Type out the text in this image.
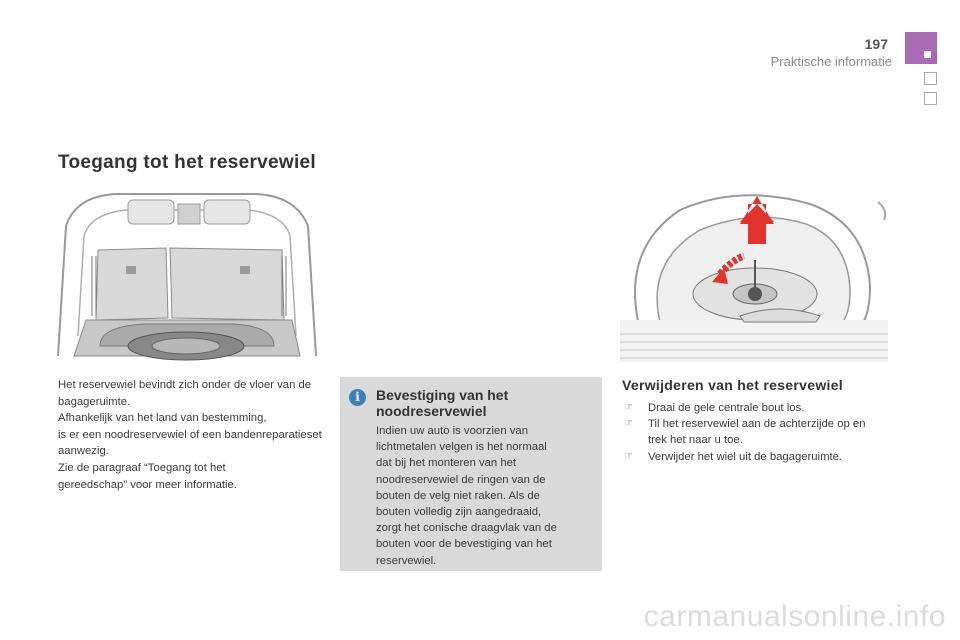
197
Praktische informatie
Toegang tot het reservewiel

Het reservewiel bevindt zich onder de vloer van de bagageruimte.

Afhankelijk van het land van bestemming,
is er een noodreservewiel of een bandenreparatieset aanwezig.

Zie de paragraaf “Toegang tot het
gereedschap” voor meer informatie.

i	Bevestiging van het
noodreservewiel
Indien uw auto is voorzien van
lichtmetalen velgen is het normaal
dat bij het monteren van het
noodreservewiel de ringen van de
bouten de velg niet raken. Als de
bouten volledig zijn aangedraaid,
zorgt het conische draagvlak van de
bouten voor de bevestiging van het
reservewiel.
Verwijderen van het reservewiel
☞ Draai de gele centrale bout los.
☞ Til het reservewiel aan de achterzijde op en trek het naar u toe.
☞ Verwijder het wiel uit de bagageruimte.
carmanualsonline.info
